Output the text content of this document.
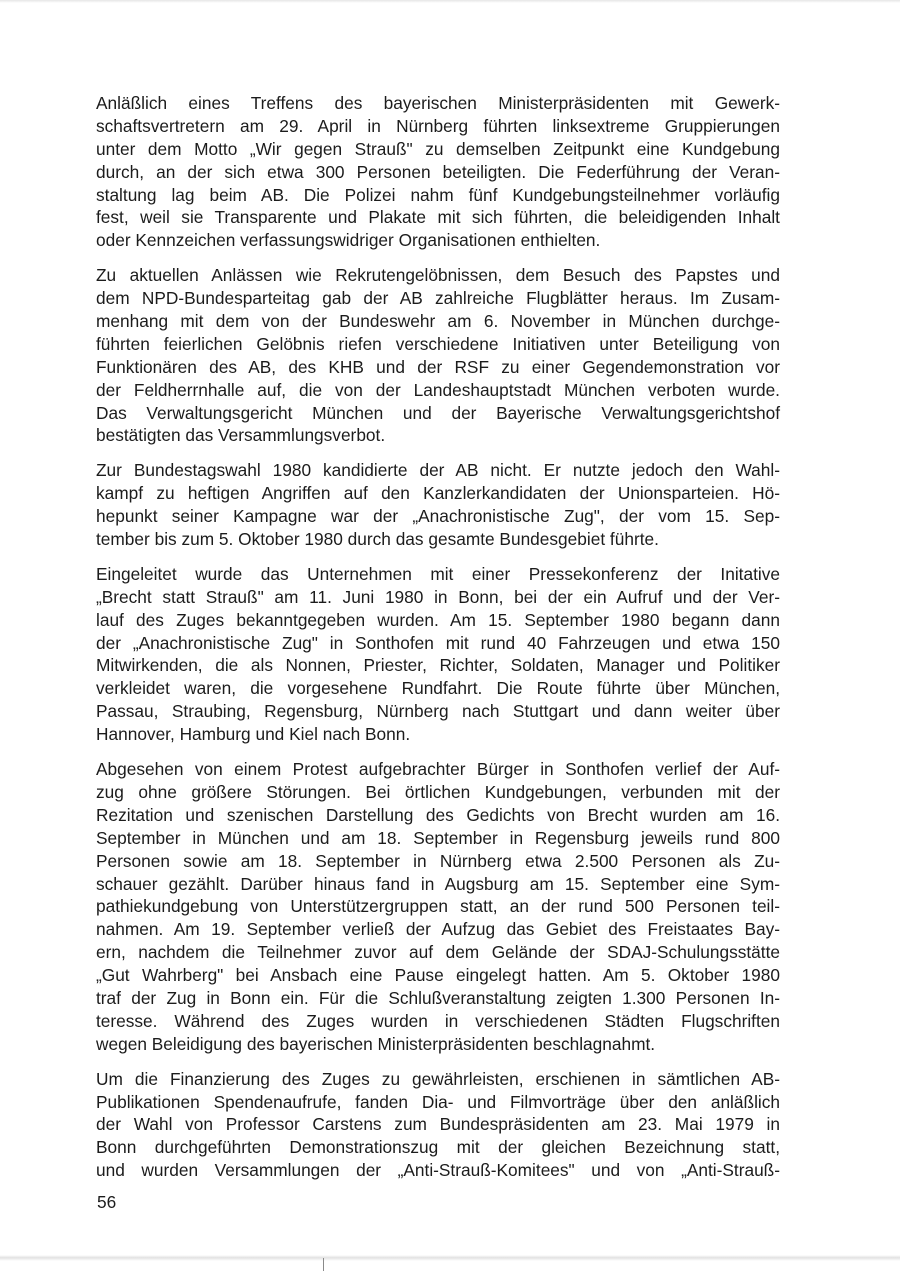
Anläßlich eines Treffens des bayerischen Ministerpräsidenten mit Gewerk-
schaftsvertretern am 29. April in Nürnberg führten linksextreme Gruppierungen
unter dem Motto „Wir gegen Strauß" zu demselben Zeitpunkt eine Kundgebung
durch, an der sich etwa 300 Personen beteiligten. Die Federführung der Veran-
staltung lag beim AB. Die Polizei nahm fünf Kundgebungsteilnehmer vorläufig
fest, weil sie Transparente und Plakate mit sich führten, die beleidigenden Inhalt
oder Kennzeichen verfassungswidriger Organisationen enthielten.
Zu aktuellen Anlässen wie Rekrutengelöbnissen, dem Besuch des Papstes und
dem NPD-Bundesparteitag gab der AB zahlreiche Flugblätter heraus. Im Zusam-
menhang mit dem von der Bundeswehr am 6. November in München durchge-
führten feierlichen Gelöbnis riefen verschiedene Initiativen unter Beteiligung von
Funktionären des AB, des KHB und der RSF zu einer Gegendemonstration vor
der Feldherrnhalle auf, die von der Landeshauptstadt München verboten wurde.
Das Verwaltungsgericht München und der Bayerische Verwaltungsgerichtshof
bestätigten das Versammlungsverbot.
Zur Bundestagswahl 1980 kandidierte der AB nicht. Er nutzte jedoch den Wahl-
kampf zu heftigen Angriffen auf den Kanzlerkandidaten der Unionsparteien. Hö-
hepunkt seiner Kampagne war der „Anachronistische Zug", der vom 15. Sep-
tember bis zum 5. Oktober 1980 durch das gesamte Bundesgebiet führte.
Eingeleitet wurde das Unternehmen mit einer Pressekonferenz der Initative
„Brecht statt Strauß" am 11. Juni 1980 in Bonn, bei der ein Aufruf und der Ver-
lauf des Zuges bekanntgegeben wurden. Am 15. September 1980 begann dann
der „Anachronistische Zug" in Sonthofen mit rund 40 Fahrzeugen und etwa 150
Mitwirkenden, die als Nonnen, Priester, Richter, Soldaten, Manager und Politiker
verkleidet waren, die vorgesehene Rundfahrt. Die Route führte über München,
Passau, Straubing, Regensburg, Nürnberg nach Stuttgart und dann weiter über
Hannover, Hamburg und Kiel nach Bonn.
Abgesehen von einem Protest aufgebrachter Bürger in Sonthofen verlief der Auf-
zug ohne größere Störungen. Bei örtlichen Kundgebungen, verbunden mit der
Rezitation und szenischen Darstellung des Gedichts von Brecht wurden am 16.
September in München und am 18. September in Regensburg jeweils rund 800
Personen sowie am 18. September in Nürnberg etwa 2.500 Personen als Zu-
schauer gezählt. Darüber hinaus fand in Augsburg am 15. September eine Sym-
pathiekundgebung von Unterstützergruppen statt, an der rund 500 Personen teil-
nahmen. Am 19. September verließ der Aufzug das Gebiet des Freistaates Bay-
ern, nachdem die Teilnehmer zuvor auf dem Gelände der SDAJ-Schulungsstätte
„Gut Wahrberg" bei Ansbach eine Pause eingelegt hatten. Am 5. Oktober 1980
traf der Zug in Bonn ein. Für die Schlußveranstaltung zeigten 1.300 Personen In-
teresse. Während des Zuges wurden in verschiedenen Städten Flugschriften
wegen Beleidigung des bayerischen Ministerpräsidenten beschlagnahmt.
Um die Finanzierung des Zuges zu gewährleisten, erschienen in sämtlichen AB-
Publikationen Spendenaufrufe, fanden Dia- und Filmvorträge über den anläßlich
der Wahl von Professor Carstens zum Bundespräsidenten am 23. Mai 1979 in
Bonn durchgeführten Demonstrationszug mit der gleichen Bezeichnung statt,
und wurden Versammlungen der „Anti-Strauß-Komitees" und von „Anti-Strauß-
56
